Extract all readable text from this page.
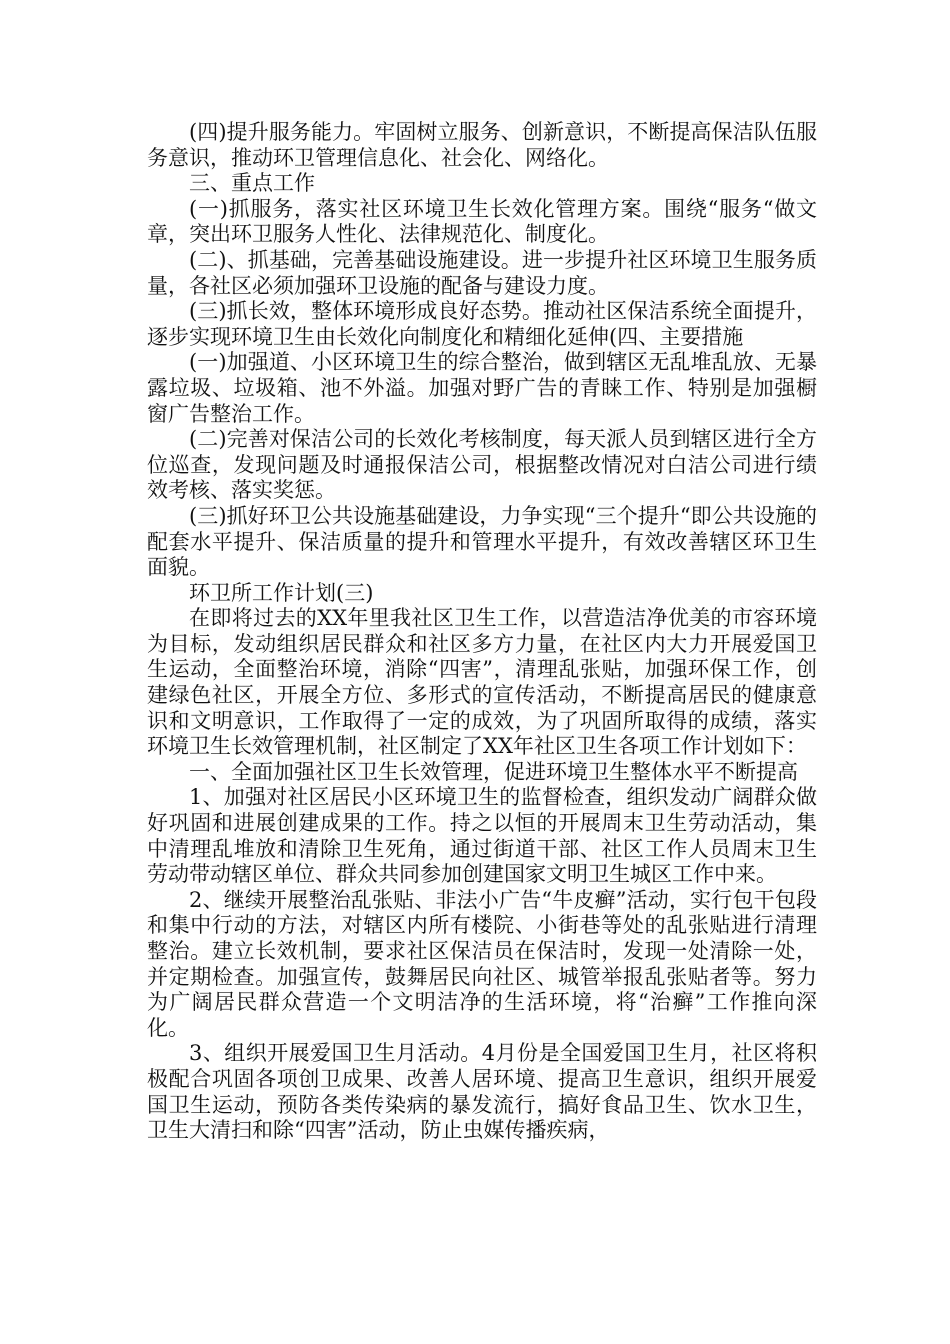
(四)提升服务能力。牢固树立服务、创新意识，不断提高保洁队伍服务意识，推动环卫管理信息化、社会化、网络化。

三、重点工作

(一)抓服务，落实社区环境卫生长效化管理方案。围绕“服务“做文章，突出环卫服务人性化、法律规范化、制度化。

(二)、抓基础，完善基础设施建设。进一步提升社区环境卫生服务质量，各社区必须加强环卫设施的配备与建设力度。

(三)抓长效，整体环境形成良好态势。推动社区保洁系统全面提升，逐步实现环境卫生由长效化向制度化和精细化延伸(四、主要措施

(一)加强道、小区环境卫生的综合整治，做到辖区无乱堆乱放、无暴露垃圾、垃圾箱、池不外溢。加强对野广告的青睐工作、特别是加强橱窗广告整治工作。

(二)完善对保洁公司的长效化考核制度，每天派人员到辖区进行全方位巡查，发现问题及时通报保洁公司，根据整改情况对白洁公司进行绩效考核、落实奖惩。

(三)抓好环卫公共设施基础建设，力争实现“三个提升“即公共设施的配套水平提升、保洁质量的提升和管理水平提升，有效改善辖区环卫生面貌。

环卫所工作计划(三)

在即将过去的XX年里我社区卫生工作，以营造洁净优美的市容环境为目标，发动组织居民群众和社区多方力量，在社区内大力开展爱国卫生运动，全面整治环境，消除“四害”，清理乱张贴，加强环保工作，创建绿色社区，开展全方位、多形式的宣传活动，不断提高居民的健康意识和文明意识，工作取得了一定的成效，为了巩固所取得的成绩，落实环境卫生长效管理机制，社区制定了XX年社区卫生各项工作计划如下：

一、全面加强社区卫生长效管理，促进环境卫生整体水平不断提高

1、加强对社区居民小区环境卫生的监督检查，组织发动广阔群众做好巩固和进展创建成果的工作。持之以恒的开展周末卫生劳动活动，集中清理乱堆放和清除卫生死角，通过街道干部、社区工作人员周末卫生劳动带动辖区单位、群众共同参加创建国家文明卫生城区工作中来。

2、继续开展整治乱张贴、非法小广告“牛皮癣”活动，实行包干包段和集中行动的方法，对辖区内所有楼院、小街巷等处的乱张贴进行清理整治。建立长效机制，要求社区保洁员在保洁时，发现一处清除一处，并定期检查。加强宣传，鼓舞居民向社区、城管举报乱张贴者等。努力为广阔居民群众营造一个文明洁净的生活环境，将“治癣”工作推向深化。

3、组织开展爱国卫生月活动。4月份是全国爱国卫生月，社区将积极配合巩固各项创卫成果、改善人居环境、提高卫生意识，组织开展爱国卫生运动，预防各类传染病的暴发流行，搞好食品卫生、饮水卫生，卫生大清扫和除“四害”活动，防止虫媒传播疾病，
